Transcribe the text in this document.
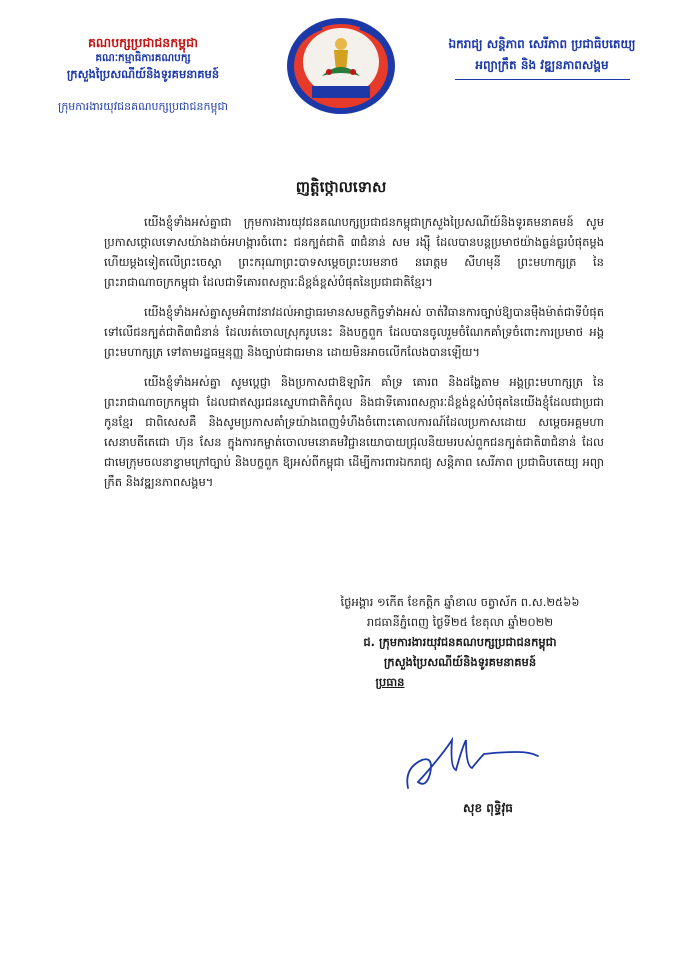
គណបក្សប្រជាជនកម្ពុជា
គណៈកម្មាធិការគណបក្ស
ក្រសួងប្រៃសណីយ៍និងទូរគមនាគមន៍
ក្រុមការងារយុវជនគណបក្សប្រជាជនកម្ពុជា
ឯករាជ្យ សន្តិភាព សេរីភាព ប្រជាធិបតេយ្យ
អព្យាក្រឹត និង វឌ្ឍនភាពសង្គម
ញត្តិថ្កោលទោស

យើងខ្ញុំទាំងអស់គ្នាជា ក្រុមការងារយុវជនគណបក្សប្រជាជនកម្ពុជាក្រសួងប្រៃសណីយ៍និងទូរគមនាគមន៍ សូមប្រកាសថ្កោលទោសយ៉ាងដាច់អហង្ការចំពោះ ជនក្បត់ជាតិ ៣ជំនាន់ សម រង្ស៊ី ដែលបានបន្តប្រមាថយ៉ាងធ្ងន់ធ្ងរបំផុតម្តងហើយម្តងទៀតលើព្រះចេស្តា ព្រះករុណាព្រះបាទសម្តេចព្រះបរមនាថ នរោត្តម សីហមុនី ព្រះមហាក្សត្រ នៃព្រះរាជាណាចក្រកម្ពុជា ដែលជាទីគោរពសក្ការៈដ៏ខ្ពង់ខ្ពស់បំផុតនៃប្រជាជាតិខ្មែរ។

យើងខ្ញុំទាំងអស់គ្នាសូមអំពាវនាវដល់អាជ្ញាធរមានសមត្ថកិច្ចទាំងអស់ ចាត់វិធានការច្បាប់ឱ្យបានម៉ឺងម៉ាត់ជាទីបំផុតទៅលើជនក្បត់ជាតិ៣ជំនាន់ ដែលរត់ចោលស្រុករូបនេះ និងបក្ខពួក ដែលបានចូលរួមចំណែកគាំទ្រចំពោះការប្រមាថ អង្គព្រះមហាក្សត្រ ទៅតាមរដ្ឋធម្មនុញ្ញ និងច្បាប់ជាធរមាន ដោយមិនអាចលើកលែងបានឡើយ។

យើងខ្ញុំទាំងអស់គ្នា សូមប្តេជ្ញា និងប្រកាសជាឱឡារិក គាំទ្រ គោរព និងដង្ហែតាម អង្គព្រះមហាក្សត្រ នៃព្រះរាជាណាចក្រកម្ពុជា ដែលជាឥស្សរជនស្នេហាជាតិកំពូល និងជាទីគោរពសក្ការៈដ៏ខ្ពង់ខ្ពស់បំផុតនៃយើងខ្ញុំដែលជាប្រជាកូនខ្មែរ ជាពិសេសគឺ និងសូមប្រកាសគាំទ្រយ៉ាងពេញទំហឹងចំពោះគោលការណ៍ដែលប្រកាសដោយ សម្តេចអគ្គមហាសេនាបតីតេជោ ហ៊ុន សែន ក្នុងការកម្ចាត់ចោលមនោគមវិជ្ជានយោបាយជ្រុលនិយមរបស់ពួកជនក្បត់ជាតិ៣ជំនាន់ ដែលជាមេក្រុមចលនាខ្វាមក្រៅច្បាប់ និងបក្ខពួក ឱ្យអស់ពីកម្ពុជា ដើម្បីការពារឯករាជ្យ សន្តិភាព សេរីភាព ប្រជាធិបតេយ្យ អព្យាក្រឹត និងវឌ្ឍនភាពសង្គម។

ថ្ងៃអង្គារ ១កើត ខែកត្តិក ឆ្នាំខាល ចត្វាស័ក ព.ស.២៥៦៦
រាជធានីភ្នំពេញ ថ្ងៃទី២៥ ខែតុលា ឆ្នាំ២០២២
ជ. ក្រុមការងារយុវជនគណបក្សប្រជាជនកម្ពុជា
ក្រសួងប្រៃសណីយ៍និងទូរគមនាគមន៍
ប្រធាន
សុខ ពុទ្ធិវុធ
